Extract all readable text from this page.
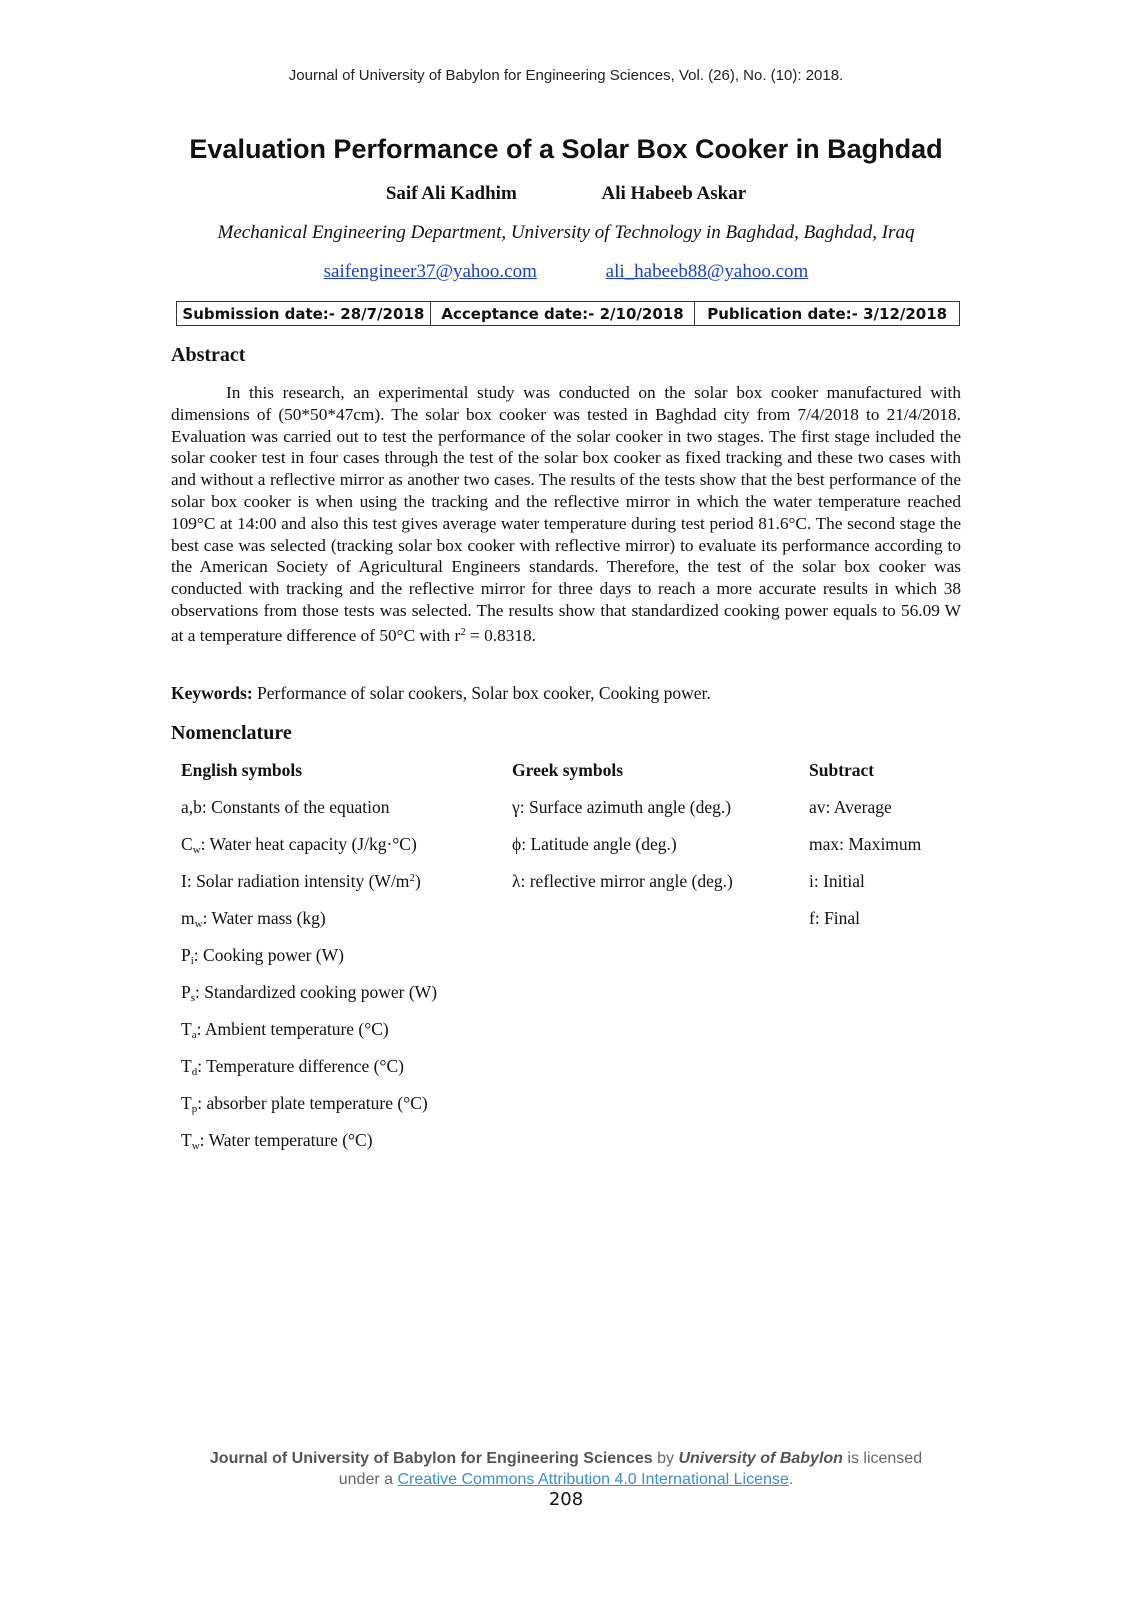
Journal of University of Babylon for Engineering Sciences, Vol. (26), No. (10): 2018.
Evaluation Performance of a Solar Box Cooker in Baghdad
Saif Ali Kadhim	Ali Habeeb Askar
Mechanical Engineering Department, University of Technology in Baghdad, Baghdad, Iraq
saifengineer37@yahoo.com	ali_habeeb88@yahoo.com
Submission date:- 28/7/2018	Acceptance date:- 2/10/2018	Publication date:- 3/12/2018
Abstract

In this research, an experimental study was conducted on the solar box cooker manufactured with dimensions of (50*50*47cm). The solar box cooker was tested in Baghdad city from 7/4/2018 to 21/4/2018. Evaluation was carried out to test the performance of the solar cooker in two stages. The first stage included the solar cooker test in four cases through the test of the solar box cooker as fixed tracking and these two cases with and without a reflective mirror as another two cases. The results of the tests show that the best performance of the solar box cooker is when using the tracking and the reflective mirror in which the water temperature reached 109°C at 14:00 and also this test gives average water temperature during test period 81.6°C. The second stage the best case was selected (tracking solar box cooker with reflective mirror) to evaluate its performance according to the American Society of Agricultural Engineers standards. Therefore, the test of the solar box cooker was conducted with tracking and the reflective mirror for three days to reach a more accurate results in which 38 observations from those tests was selected. The results show that standardized cooking power equals to 56.09 W at a temperature difference of 50°C with $r^2 = 0.8318$.

Keywords: Performance of solar cookers, Solar box cooker, Cooking power.
Nomenclature
English symbols
a,b: Constants of the equation
$C_w$: Water heat capacity (J/kg·°C)
I: Solar radiation intensity $(W/m^2)$
$m_w$: Water mass (kg)
$P_i$: Cooking power (W)
$P_s$: Standardized cooking power (W)
$T_a$: Ambient temperature (°C)
$T_d$: Temperature difference (°C)
$T_p$: absorber plate temperature (°C)
$T_w$: Water temperature (°C)
Greek symbols
γ: Surface azimuth angle (deg.)
ϕ: Latitude angle (deg.)
λ: reflective mirror angle (deg.)
Subtract
av: Average
max: Maximum
i: Initial
f: Final
Journal of University of Babylon for Engineering Sciences by University of Babylon is licensed
under a Creative Commons Attribution 4.0 International License.
208
